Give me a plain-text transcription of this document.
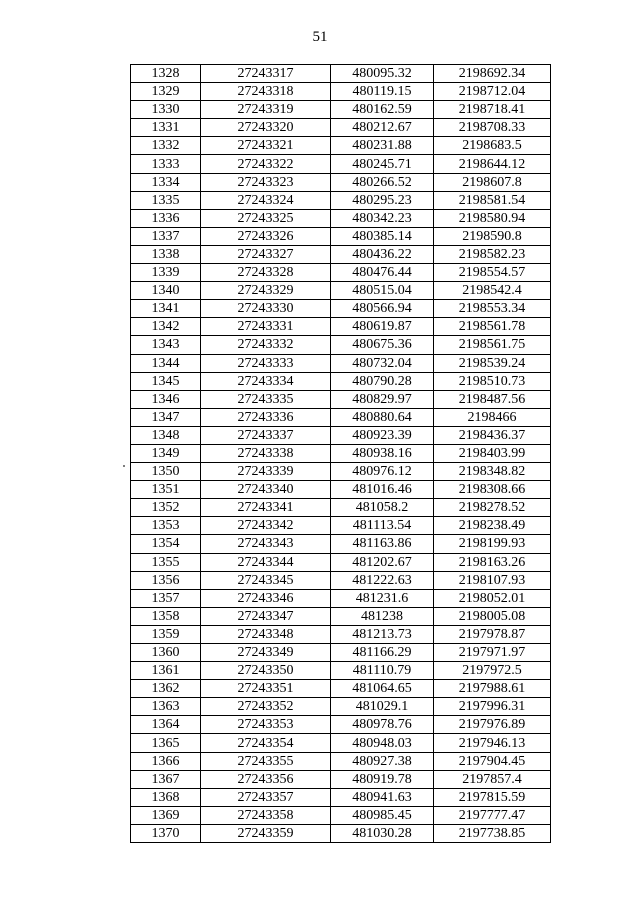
51
1328	27243317	480095.32	2198692.34
1329	27243318	480119.15	2198712.04
1330	27243319	480162.59	2198718.41
1331	27243320	480212.67	2198708.33
1332	27243321	480231.88	2198683.5
1333	27243322	480245.71	2198644.12
1334	27243323	480266.52	2198607.8
1335	27243324	480295.23	2198581.54
1336	27243325	480342.23	2198580.94
1337	27243326	480385.14	2198590.8
1338	27243327	480436.22	2198582.23
1339	27243328	480476.44	2198554.57
1340	27243329	480515.04	2198542.4
1341	27243330	480566.94	2198553.34
1342	27243331	480619.87	2198561.78
1343	27243332	480675.36	2198561.75
1344	27243333	480732.04	2198539.24
1345	27243334	480790.28	2198510.73
1346	27243335	480829.97	2198487.56
1347	27243336	480880.64	2198466
1348	27243337	480923.39	2198436.37
1349	27243338	480938.16	2198403.99
1350	27243339	480976.12	2198348.82
1351	27243340	481016.46	2198308.66
1352	27243341	481058.2	2198278.52
1353	27243342	481113.54	2198238.49
1354	27243343	481163.86	2198199.93
1355	27243344	481202.67	2198163.26
1356	27243345	481222.63	2198107.93
1357	27243346	481231.6	2198052.01
1358	27243347	481238	2198005.08
1359	27243348	481213.73	2197978.87
1360	27243349	481166.29	2197971.97
1361	27243350	481110.79	2197972.5
1362	27243351	481064.65	2197988.61
1363	27243352	481029.1	2197996.31
1364	27243353	480978.76	2197976.89
1365	27243354	480948.03	2197946.13
1366	27243355	480927.38	2197904.45
1367	27243356	480919.78	2197857.4
1368	27243357	480941.63	2197815.59
1369	27243358	480985.45	2197777.47
1370	27243359	481030.28	2197738.85
